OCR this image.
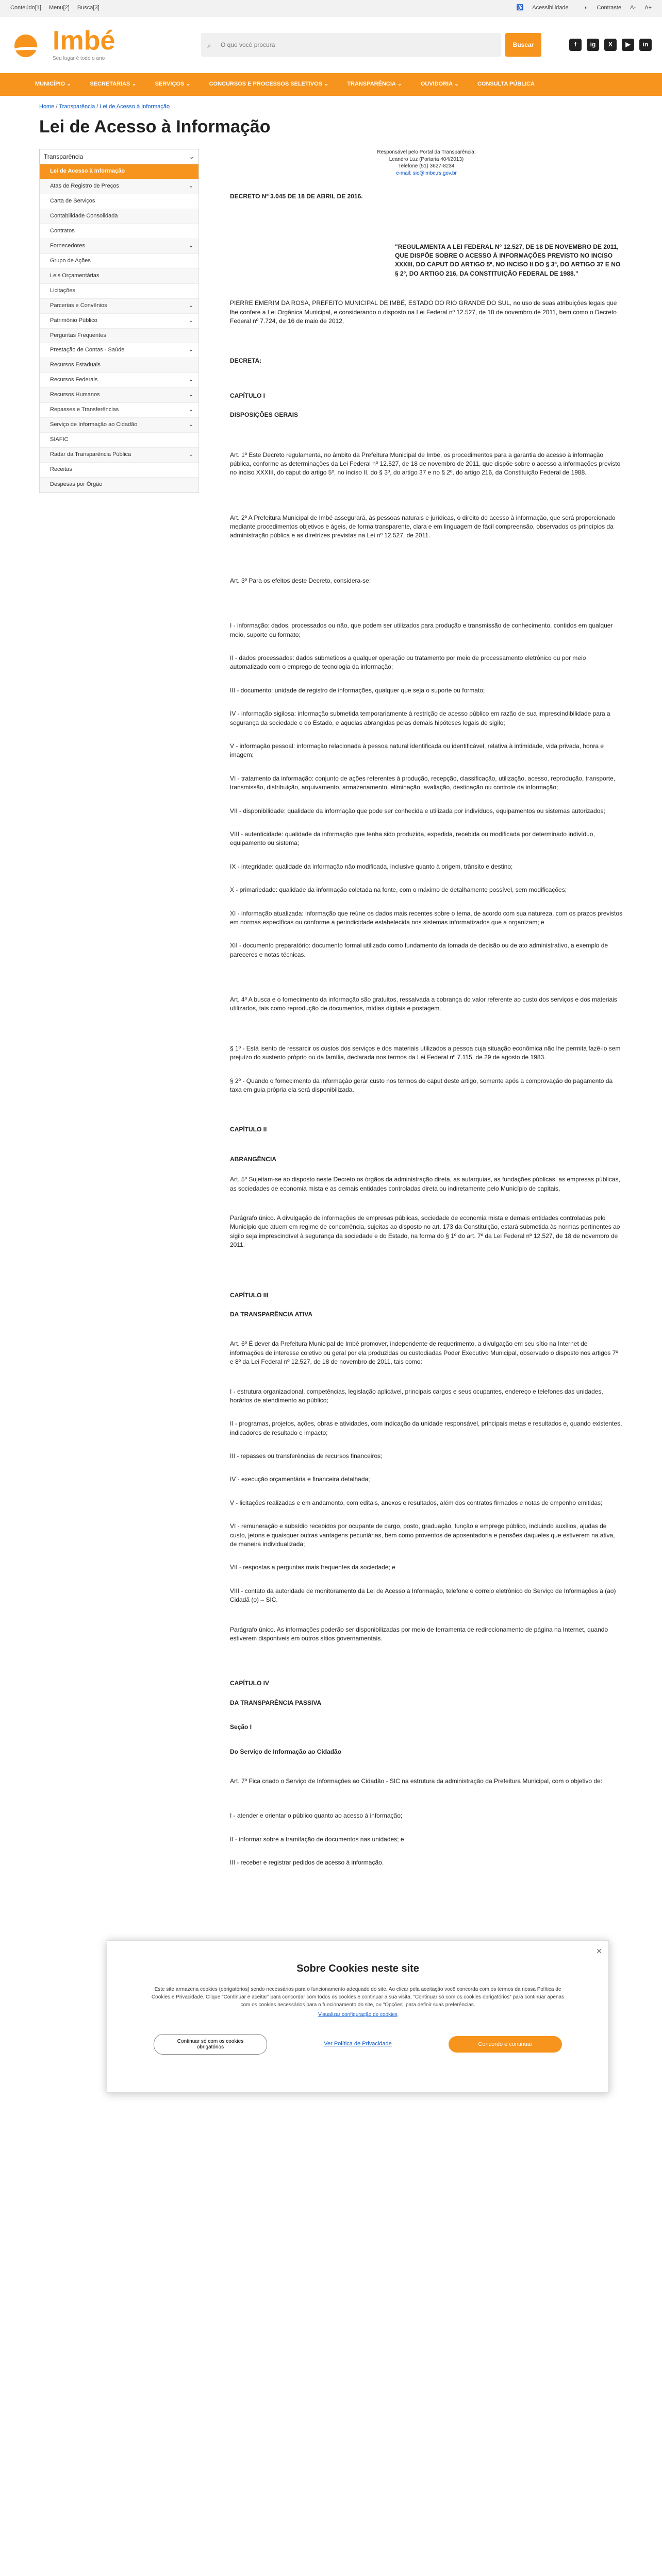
Conteúdo[1] Menu[2] Busca[3]	♿ Acessibilidade	◐ Contraste A- A+
Imbé
Seu lugar é todo o ano
⌕
O que você procura	Buscar	f	ig	X	▶	in
MUNICÍPIO ⌄	SECRETARIAS ⌄	SERVIÇOS ⌄	CONCURSOS E PROCESSOS SELETIVOS ⌄	TRANSPARÊNCIA ⌄	OUVIDORIA ⌄	CONSULTA PÚBLICA
Home / Transparência / Lei de Acesso à Informação
Lei de Acesso à Informação
Transparência	⌄
Lei de Acesso à Informação
Atas de Registro de Preços	⌄
Carta de Serviços
Contabilidade Consolidada
Contratos
Fornecedores	⌄
Grupo de Ações
Leis Orçamentárias
Licitações
Parcerias e Convênios	⌄
Patrimônio Público	⌄
Perguntas Frequentes
Prestação de Contas - Saúde	⌄
Recursos Estaduais
Recursos Federais	⌄
Recursos Humanos	⌄
Repasses e Transferências	⌄
Serviço de Informação ao Cidadão	⌄
SIAFIC
Radar da Transparência Pública	⌄
Receitas
Despesas por Órgão
Responsável pelo Portal da Transparência:
Leandro Luz (Portaria 404/2013)
Telefone (51) 3627-8234
e-mail: sic@imbe.rs.gov.br

DECRETO Nº 3.045 DE 18 DE ABRIL DE 2016.

"REGULAMENTA A LEI FEDERAL Nº 12.527, DE 18 DE NOVEMBRO DE 2011, QUE DISPÕE SOBRE O ACESSO À INFORMAÇÕES PREVISTO NO INCISO XXXIII, DO CAPUT DO ARTIGO 5º, NO INCISO II DO § 3º, DO ARTIGO 37 E NO § 2º, DO ARTIGO 216, DA CONSTITUIÇÃO FEDERAL DE 1988."

PIERRE EMERIM DA ROSA, PREFEITO MUNICIPAL DE IMBÉ, ESTADO DO RIO GRANDE DO SUL, no uso de suas atribuições legais que lhe confere a Lei Orgânica Municipal, e considerando o disposto na Lei Federal nº 12.527, de 18 de novembro de 2011, bem como o Decreto Federal nº 7.724, de 16 de maio de 2012,

DECRETA:

CAPÍTULO I

DISPOSIÇÕES GERAIS

Art. 1º Este Decreto regulamenta, no âmbito da Prefeitura Municipal de Imbé, os procedimentos para a garantia do acesso à informação pública, conforme as determinações da Lei Federal nº 12.527, de 18 de novembro de 2011, que dispõe sobre o acesso a informações previsto no inciso XXXIII, do caput do artigo 5º, no inciso II, do § 3º, do artigo 37 e no § 2º, do artigo 216, da Constituição Federal de 1988.

Art. 2º A Prefeitura Municipal de Imbé assegurará, às pessoas naturais e jurídicas, o direito de acesso à informação, que será proporcionado mediante procedimentos objetivos e ágeis, de forma transparente, clara e em linguagem de fácil compreensão, observados os princípios da administração pública e as diretrizes previstas na Lei nº 12.527, de 2011.

Art. 3º Para os efeitos deste Decreto, considera-se:

I - informação: dados, processados ou não, que podem ser utilizados para produção e transmissão de conhecimento, contidos em qualquer meio, suporte ou formato;

II - dados processados: dados submetidos a qualquer operação ou tratamento por meio de processamento eletrônico ou por meio automatizado com o emprego de tecnologia da informação;

III - documento: unidade de registro de informações, qualquer que seja o suporte ou formato;

IV - informação sigilosa: informação submetida temporariamente à restrição de acesso público em razão de sua imprescindibilidade para a segurança da sociedade e do Estado, e aquelas abrangidas pelas demais hipóteses legais de sigilo;

V - informação pessoal: informação relacionada à pessoa natural identificada ou identificável, relativa à intimidade, vida privada, honra e imagem;

VI - tratamento da informação: conjunto de ações referentes à produção, recepção, classificação, utilização, acesso, reprodução, transporte, transmissão, distribuição, arquivamento, armazenamento, eliminação, avaliação, destinação ou controle da informação;

VII - disponibilidade: qualidade da informação que pode ser conhecida e utilizada por indivíduos, equipamentos ou sistemas autorizados;

VIII - autenticidade: qualidade da informação que tenha sido produzida, expedida, recebida ou modificada por determinado indivíduo, equipamento ou sistema;

IX - integridade: qualidade da informação não modificada, inclusive quanto à origem, trânsito e destino;

X - primariedade: qualidade da informação coletada na fonte, com o máximo de detalhamento possível, sem modificações;

XI - informação atualizada: informação que reúne os dados mais recentes sobre o tema, de acordo com sua natureza, com os prazos previstos em normas específicas ou conforme a periodicidade estabelecida nos sistemas informatizados que a organizam; e

XII - documento preparatório: documento formal utilizado como fundamento da tomada de decisão ou de ato administrativo, a exemplo de pareceres e notas técnicas.

Art. 4º A busca e o fornecimento da informação são gratuitos, ressalvada a cobrança do valor referente ao custo dos serviços e dos materiais utilizados, tais como reprodução de documentos, mídias digitais e postagem.

§ 1º - Está isento de ressarcir os custos dos serviços e dos materiais utilizados a pessoa cuja situação econômica não lhe permita fazê-lo sem prejuízo do sustento próprio ou da família, declarada nos termos da Lei Federal nº 7.115, de 29 de agosto de 1983.

§ 2º - Quando o fornecimento da informação gerar custo nos termos do caput deste artigo, somente após a comprovação do pagamento da taxa em guia própria ela será disponibilizada.

CAPÍTULO II

ABRANGÊNCIA

Art. 5º Sujeitam-se ao disposto neste Decreto os órgãos da administração direta, as autarquias, as fundações públicas, as empresas públicas, as sociedades de economia mista e as demais entidades controladas direta ou indiretamente pelo Município de capitais,

Parágrafo único. A divulgação de informações de empresas públicas, sociedade de economia mista e demais entidades controladas pelo Município que atuem em regime de concorrência, sujeitas ao disposto no art. 173 da Constituição, estará submetida às normas pertinentes ao sigilo seja imprescindível à segurança da sociedade e do Estado, na forma do § 1º do art. 7º da Lei Federal nº 12.527, de 18 de novembro de 2011.

CAPÍTULO III

DA TRANSPARÊNCIA ATIVA

Art. 6º É dever da Prefeitura Municipal de Imbé promover, independente de requerimento, a divulgação em seu sítio na Internet de informações de interesse coletivo ou geral por ela produzidas ou custodiadas Poder Executivo Municipal, observado o disposto nos artigos 7º e 8º da Lei Federal nº 12.527, de 18 de novembro de 2011, tais como:

I - estrutura organizacional, competências, legislação aplicável, principais cargos e seus ocupantes, endereço e telefones das unidades, horários de atendimento ao público;

II - programas, projetos, ações, obras e atividades, com indicação da unidade responsável, principais metas e resultados e, quando existentes, indicadores de resultado e impacto;

III - repasses ou transferências de recursos financeiros;

IV - execução orçamentária e financeira detalhada;

V - licitações realizadas e em andamento, com editais, anexos e resultados, além dos contratos firmados e notas de empenho emitidas;

VI - remuneração e subsídio recebidos por ocupante de cargo, posto, graduação, função e emprego público, incluindo auxílios, ajudas de custo, jetons e quaisquer outras vantagens pecuniárias, bem como proventos de aposentadoria e pensões daqueles que estiverem na ativa, de maneira individualizada;

VII - respostas a perguntas mais frequentes da sociedade; e

VIII - contato da autoridade de monitoramento da Lei de Acesso à Informação, telefone e correio eletrônico do Serviço de Informações à (ao) Cidadã (o) – SIC.

Parágrafo único. As informações poderão ser disponibilizadas por meio de ferramenta de redirecionamento de página na Internet, quando estiverem disponíveis em outros sítios governamentais.

CAPÍTULO IV

DA TRANSPARÊNCIA PASSIVA

Seção I

Do Serviço de Informação ao Cidadão

Art. 7º Fica criado o Serviço de Informações ao Cidadão - SIC na estrutura da administração da Prefeitura Municipal, com o objetivo de:

I - atender e orientar o público quanto ao acesso à informação;

II - informar sobre a tramitação de documentos nas unidades; e

III - receber e registrar pedidos de acesso à informação.

✕
Sobre Cookies neste site

Este site armazena cookies (obrigatórios) sendo necessários para o funcionamento adequado do site. Ao clicar pela aceitação você concorda com os termos da nossa Política de Cookies e Privacidade. Clique "Continuar e aceitar" para concordar com todos os cookies e continuar a sua visita, "Continuar só com os cookies obrigatórios" para continuar apenas com os cookies necessários para o funcionamento do site, ou "Opções" para definir suas preferências.

Visualizar configuração de cookies

Continuar só com os cookies obrigatórios
Ver Política de Privacidade	Concordo e continuar
